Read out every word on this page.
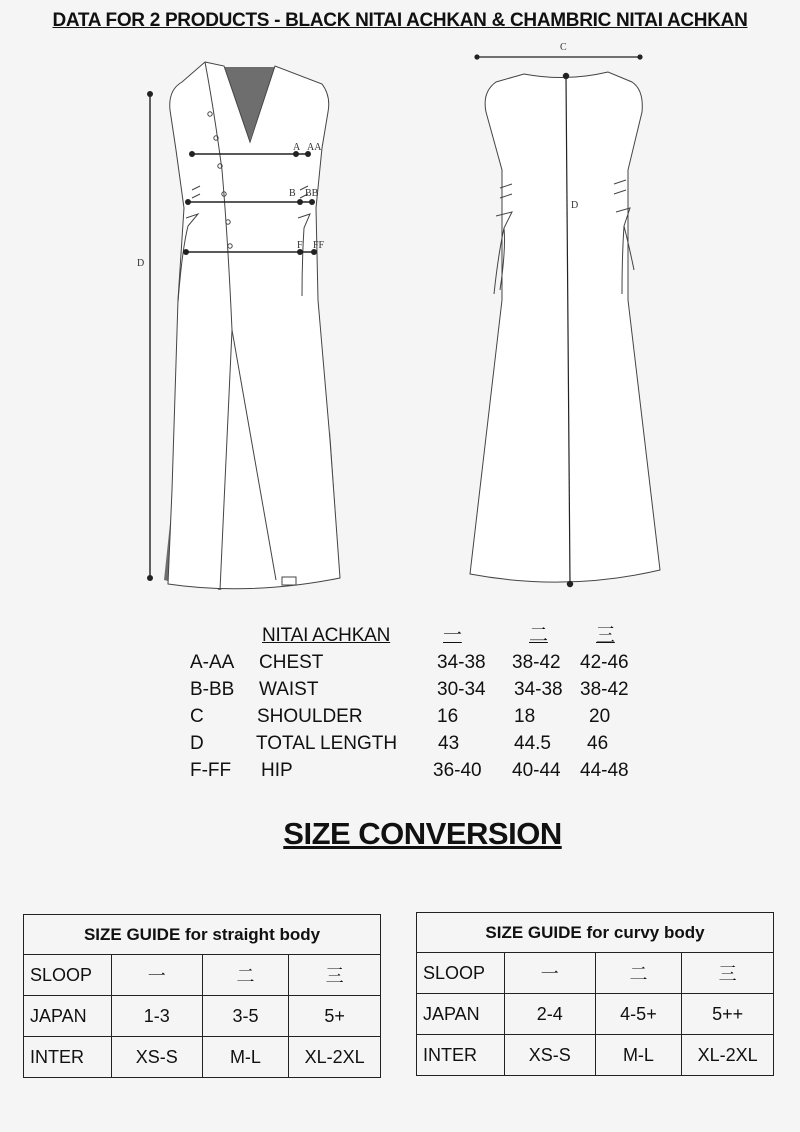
DATA FOR 2 PRODUCTS - BLACK NITAI ACHKAN & CHAMBRIC NITAI ACHKAN
D
A AA
B BB
F FF
C
D
NITAI ACHKAN	一	二	三
A-AA CHEST	34-38 38-42 42-46
B-BB WAIST	30-34 34-38 38-42
C	SHOULDER	16	18	20
D	TOTAL LENGTH 43	44.5 46
F-FF HIP	36-40 40-44 44-48
SIZE CONVERSION
SIZE GUIDE for straight body			
SLOOP	一	二	三
JAPAN	1-3	3-5	5+
INTER	XS-S	M-L	XL-2XL
SIZE GUIDE for curvy body			
SLOOP	一	二	三
JAPAN	2-4	4-5+	5++
INTER	XS-S	M-L	XL-2XL
